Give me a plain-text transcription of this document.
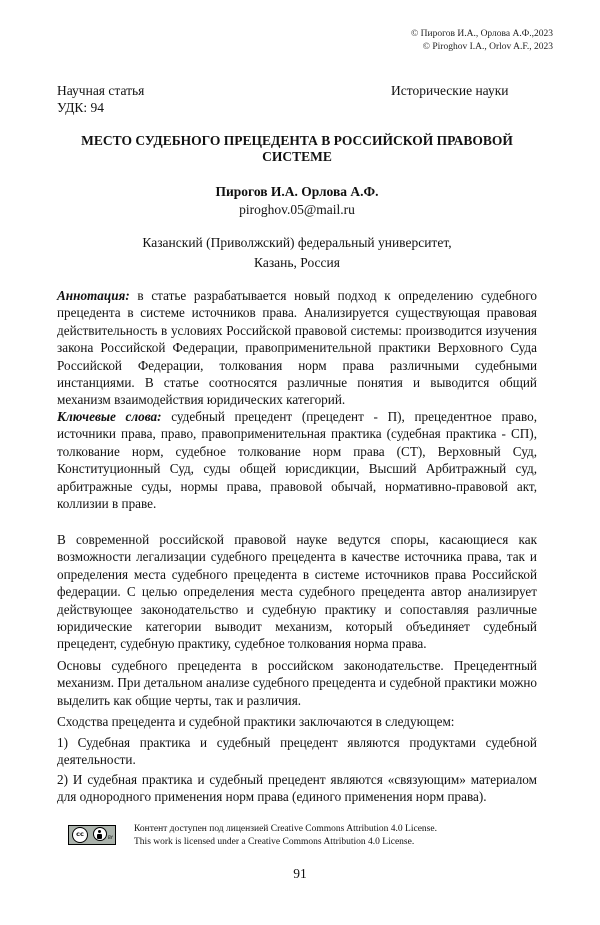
© Пирогов И.А., Орлова А.Ф.,2023
© Piroghov I.A., Orlov A.F., 2023
Научная статья
УДК: 94
Исторические науки
МЕСТО СУДЕБНОГО ПРЕЦЕДЕНТА В РОССИЙСКОЙ ПРАВОВОЙ СИСТЕМЕ
Пирогов И.А. Орлова А.Ф.
piroghov.05@mail.ru
Казанский (Приволжский) федеральный университет,
Казань, Россия
Аннотация: в статье разрабатывается новый подход к определению судебного прецедента в системе источников права. Анализируется существующая правовая действительность в условиях Российской правовой системы: производится изучения закона Российской Федерации, правоприменительной практики Верховного Суда Российской Федерации, толкования норм права различными судебными инстанциями. В статье соотносятся различные понятия и выводится общий механизм взаимодействия юридических категорий.
Ключевые слова: судебный прецедент (прецедент - П), прецедентное право, источники права, право, правоприменительная практика (судебная практика - СП), толкование норм, судебное толкование норм права (СТ), Верховный Суд, Конституционный Суд, суды общей юрисдикции, Высший Арбитражный суд, арбитражные суды, нормы права, правовой обычай, нормативно-правовой акт, коллизии в праве.
В современной российской правовой науке ведутся споры, касающиеся как возможности легализации судебного прецедента в качестве источника права, так и определения места судебного прецедента в системе источников права Российской федерации. С целью определения места судебного прецедента автор анализирует действующее законодательство и судебную практику и сопоставляя различные юридические категории выводит механизм, который объединяет судебный прецедент, судебную практику, судебное толкования норма права.
Основы судебного прецедента в российском законодательстве. Прецедентный механизм. При детальном анализе судебного прецедента и судебной практики можно выделить как общие черты, так и различия.
Сходства прецедента и судебной практики заключаются в следующем:
1) Судебная практика и судебный прецедент являются продуктами судебной деятельности.
2) И судебная практика и судебный прецедент являются «связующим» материалом для однородного применения норм права (единого применения норм права).
cc	BY
Контент доступен под лицензией Creative Commons Attribution 4.0 License.
This work is licensed under a Creative Commons Attribution 4.0 License.
91
